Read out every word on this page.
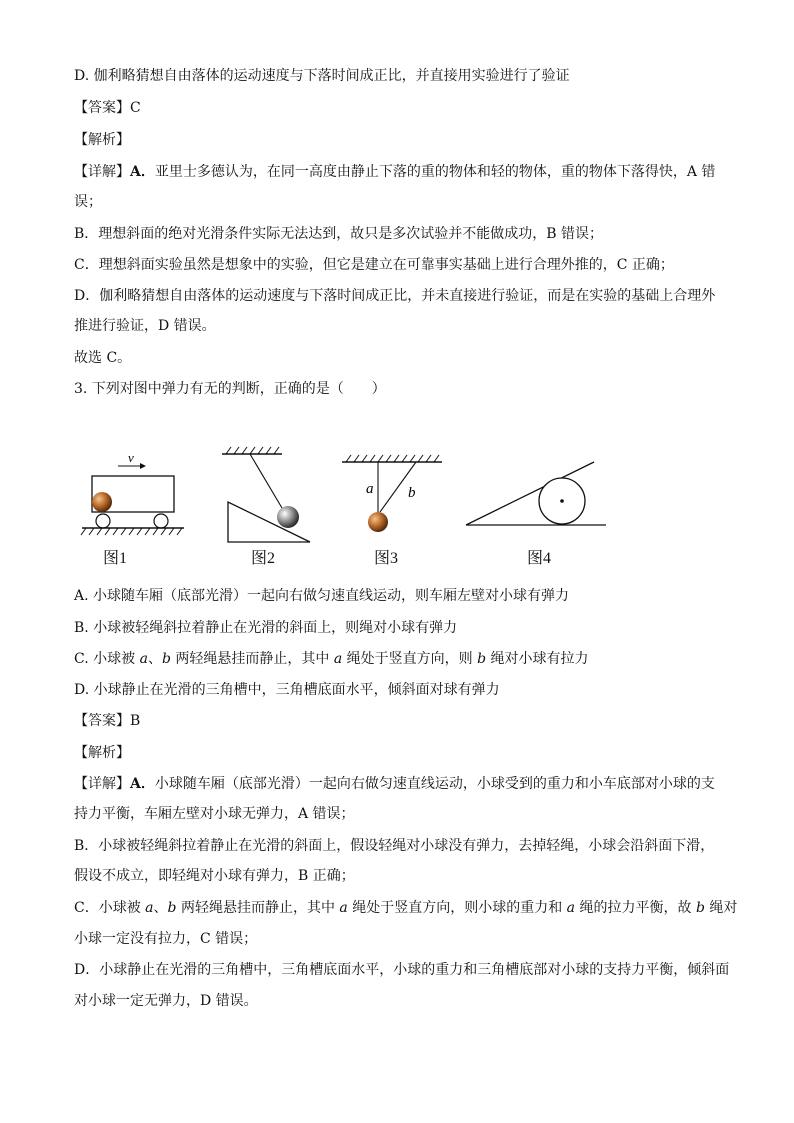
D. 伽利略猜想自由落体的运动速度与下落时间成正比，并直接用实验进行了验证
【答案】C
【解析】
【详解】A．亚里士多德认为，在同一高度由静止下落的重的物体和轻的物体，重的物体下落得快，A 错
误；
B．理想斜面的绝对光滑条件实际无法达到，故只是多次试验并不能做成功，B 错误；
C．理想斜面实验虽然是想象中的实验，但它是建立在可靠事实基础上进行合理外推的，C 正确；
D．伽利略猜想自由落体的运动速度与下落时间成正比，并未直接进行验证，而是在实验的基础上合理外
推进行验证，D 错误。
故选 C。
3. 下列对图中弹力有无的判断，正确的是（　　）
v
a b
图1	图2	图3	图4
A. 小球随车厢（底部光滑）一起向右做匀速直线运动，则车厢左壁对小球有弹力
B. 小球被轻绳斜拉着静止在光滑的斜面上，则绳对小球有弹力
C. 小球被 a、b 两轻绳悬挂而静止，其中 a 绳处于竖直方向，则 b 绳对小球有拉力
D. 小球静止在光滑的三角槽中，三角槽底面水平，倾斜面对球有弹力
【答案】B
【解析】
【详解】A．小球随车厢（底部光滑）一起向右做匀速直线运动，小球受到的重力和小车底部对小球的支
持力平衡，车厢左壁对小球无弹力，A 错误；
B．小球被轻绳斜拉着静止在光滑的斜面上，假设轻绳对小球没有弹力，去掉轻绳，小球会沿斜面下滑，
假设不成立，即轻绳对小球有弹力，B 正确；
C．小球被 a、b 两轻绳悬挂而静止，其中 a 绳处于竖直方向，则小球的重力和 a 绳的拉力平衡，故 b 绳对
小球一定没有拉力，C 错误；
D．小球静止在光滑的三角槽中，三角槽底面水平，小球的重力和三角槽底部对小球的支持力平衡，倾斜面
对小球一定无弹力，D 错误。
